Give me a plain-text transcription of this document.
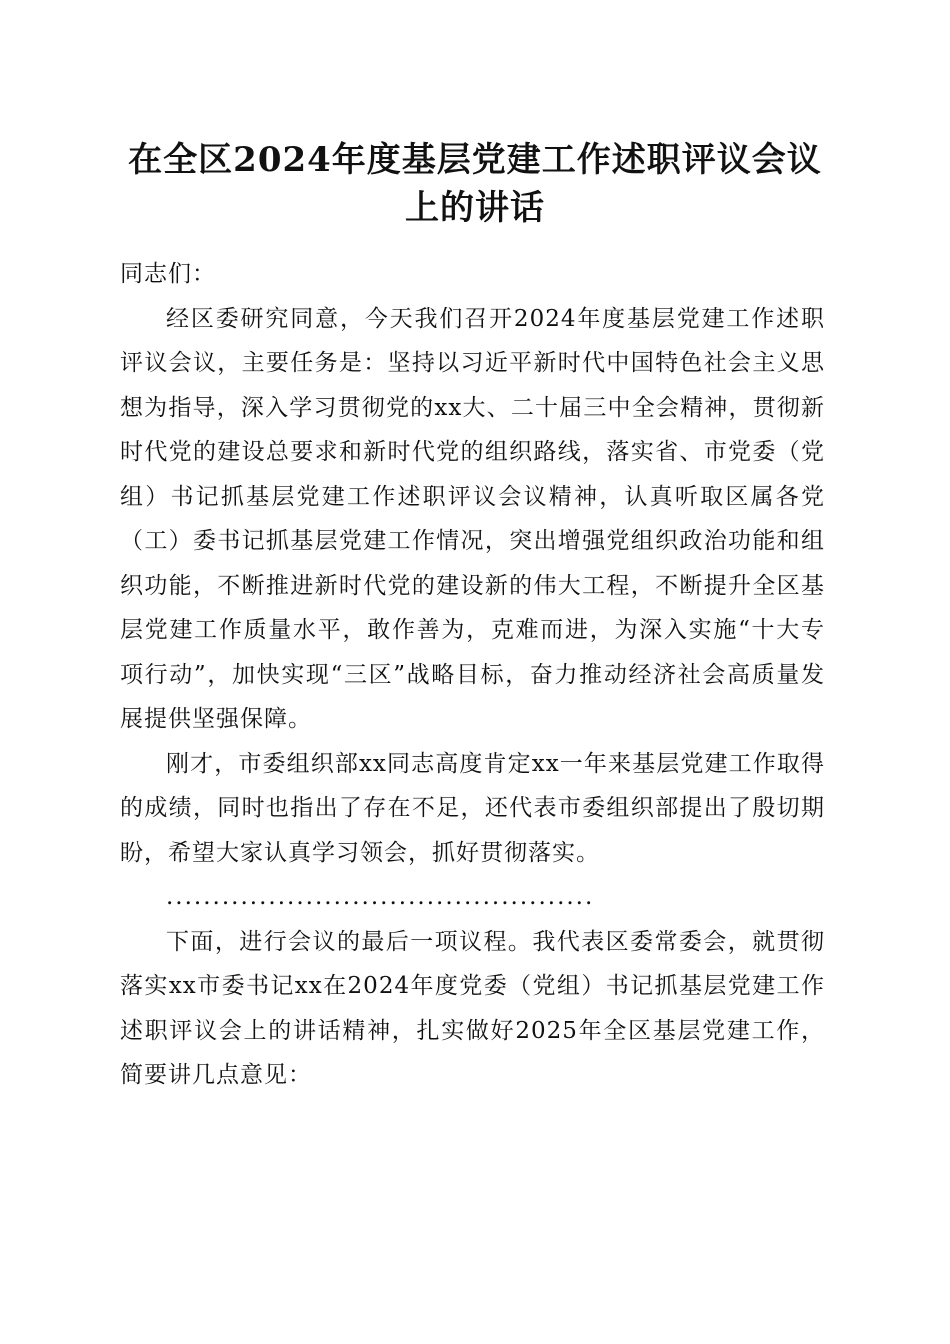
在全区2024年度基层党建工作述职评议会议
上的讲话

同志们：

经区委研究同意，今天我们召开2024年度基层党建工作述职评议会议，主要任务是：坚持以习近平新时代中国特色社会主义思想为指导，深入学习贯彻党的xx大、二十届三中全会精神，贯彻新时代党的建设总要求和新时代党的组织路线，落实省、市党委（党组）书记抓基层党建工作述职评议会议精神，认真听取区属各党（工）委书记抓基层党建工作情况，突出增强党组织政治功能和组织功能，不断推进新时代党的建设新的伟大工程，不断提升全区基层党建工作质量水平，敢作善为，克难而进，为深入实施“十大专项行动”，加快实现“三区”战略目标，奋力推动经济社会高质量发展提供坚强保障。

刚才，市委组织部xx同志高度肯定xx一年来基层党建工作取得的成绩，同时也指出了存在不足，还代表市委组织部提出了殷切期盼，希望大家认真学习领会，抓好贯彻落实。

..............................................

下面，进行会议的最后一项议程。我代表区委常委会，就贯彻落实xx市委书记xx在2024年度党委（党组）书记抓基层党建工作述职评议会上的讲话精神，扎实做好2025年全区基层党建工作，简要讲几点意见：
